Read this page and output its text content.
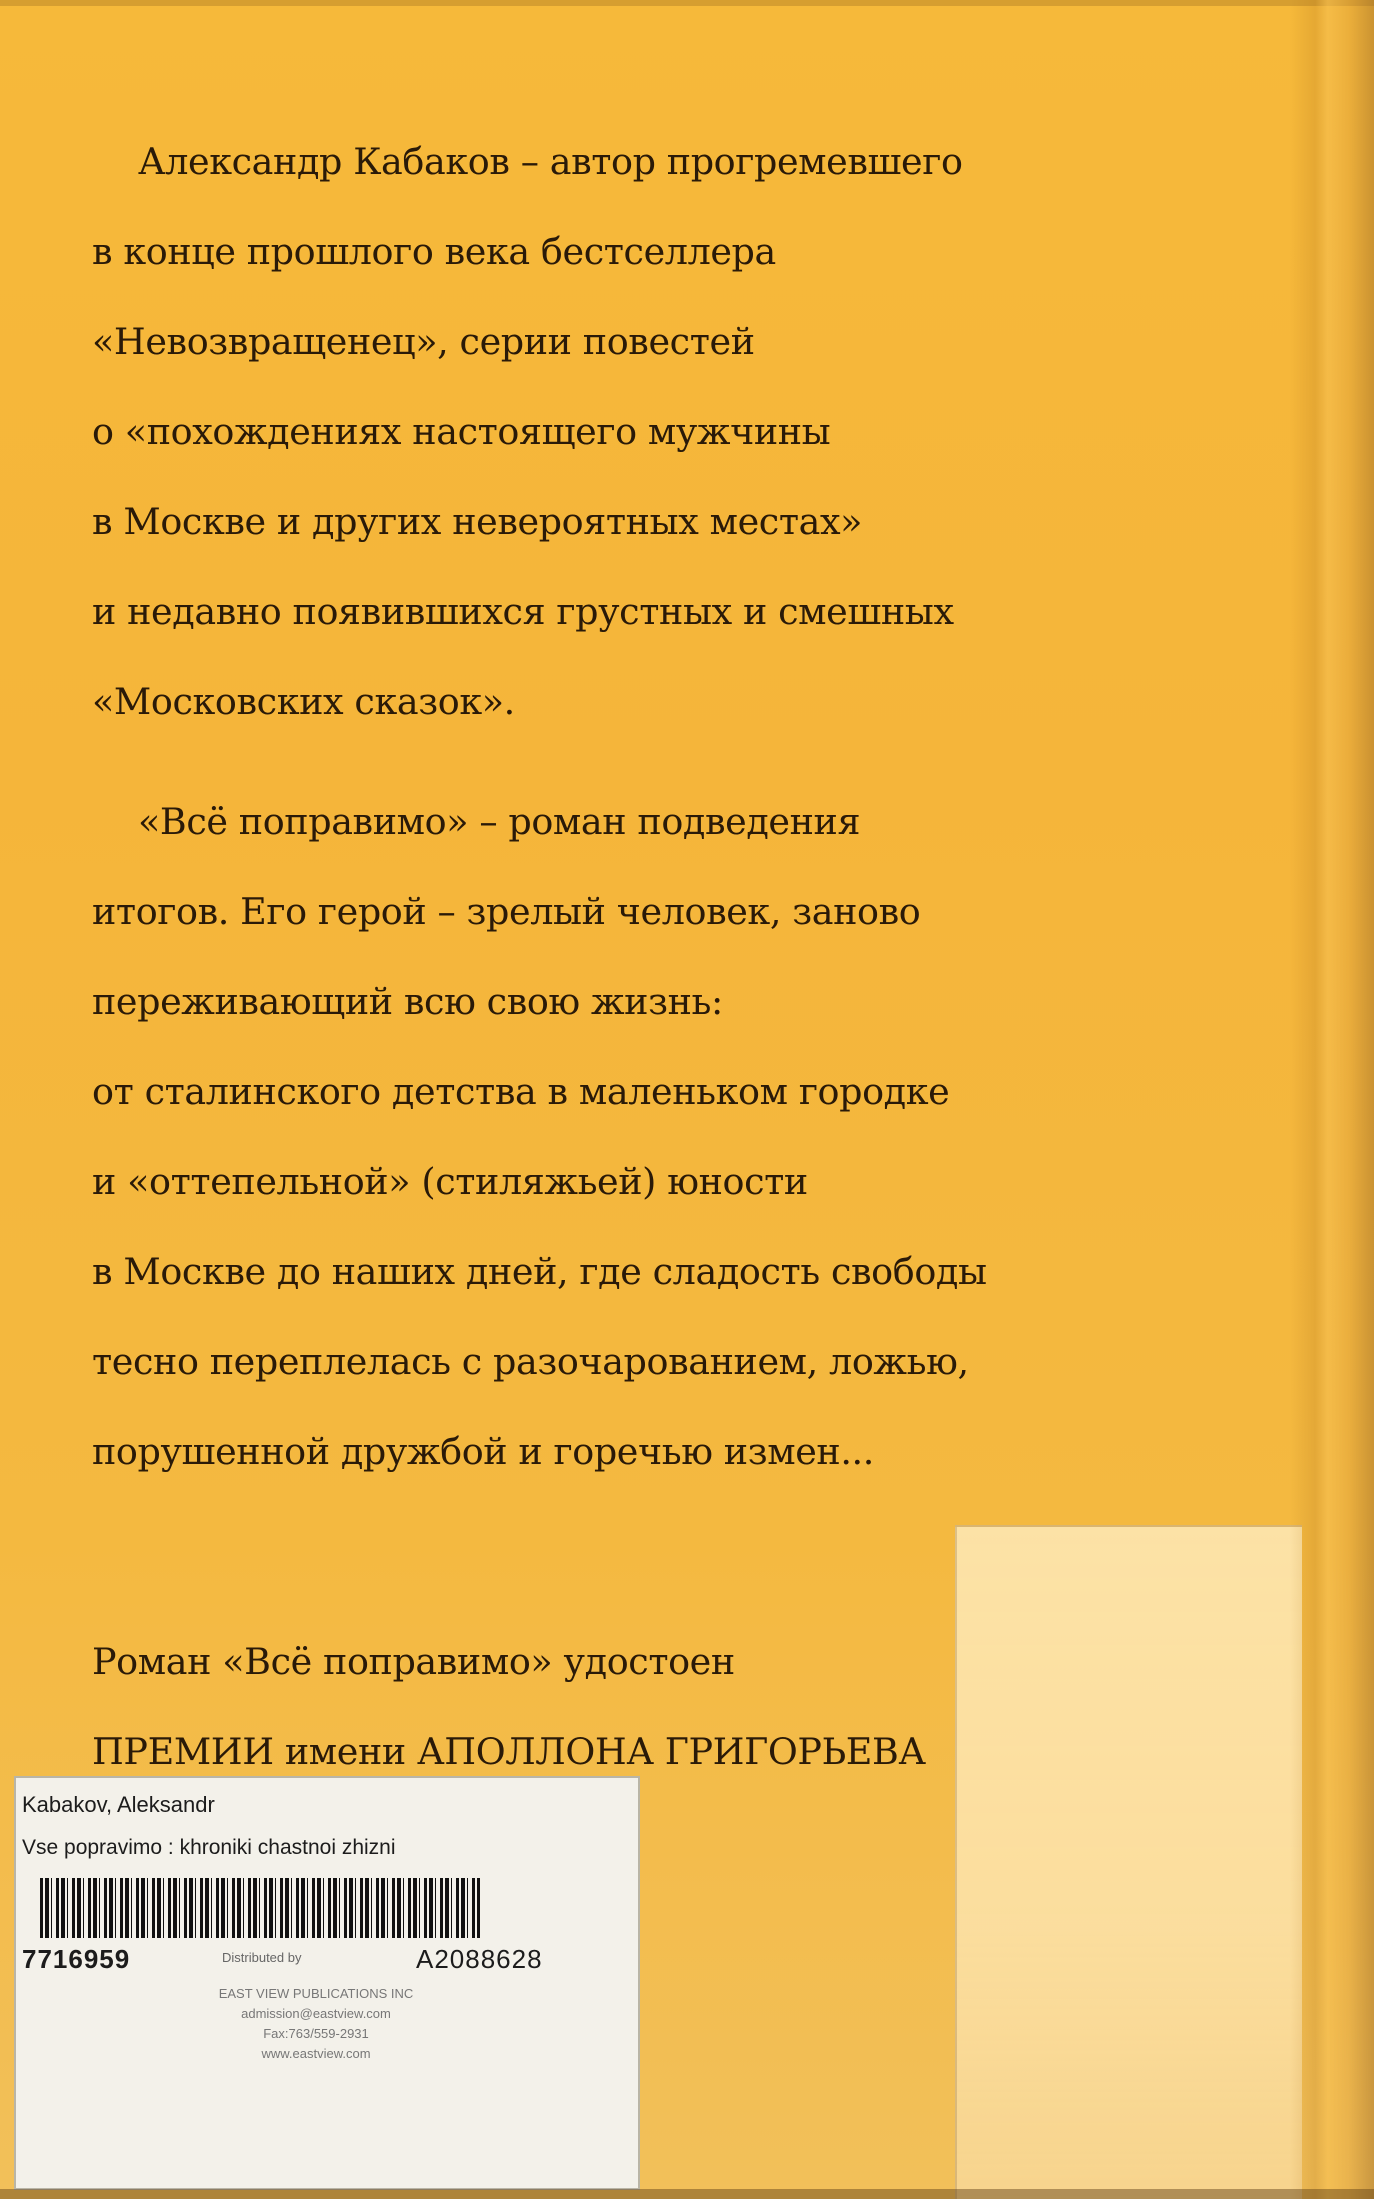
Александр Кабаков – автор прогремевшего
в конце прошлого века бестселлера
«Невозвращенец», серии повестей
о «похождениях настоящего мужчины
в Москве и других невероятных местах»
и недавно появившихся грустных и смешных
«Московских сказок».
«Всё поправимо» – роман подведения
итогов. Его герой – зрелый человек, заново
переживающий всю свою жизнь:
от сталинского детства в маленьком городке
и «оттепельной» (стиляжьей) юности
в Москве до наших дней, где сладость свободы
тесно переплелась с разочарованием, ложью,
порушенной дружбой и горечью измен...
Роман «Всё поправимо» удостоен
ПРЕМИИ имени АПОЛЛОНА ГРИГОРЬЕВА
Kabakov, Aleksandr
Vse popravimo : khroniki chastnoi zhizni
7716959	Distributed by	A2088628
EAST VIEW PUBLICATIONS INC
admission@eastview.com
Fax:763/559-2931
www.eastview.com
